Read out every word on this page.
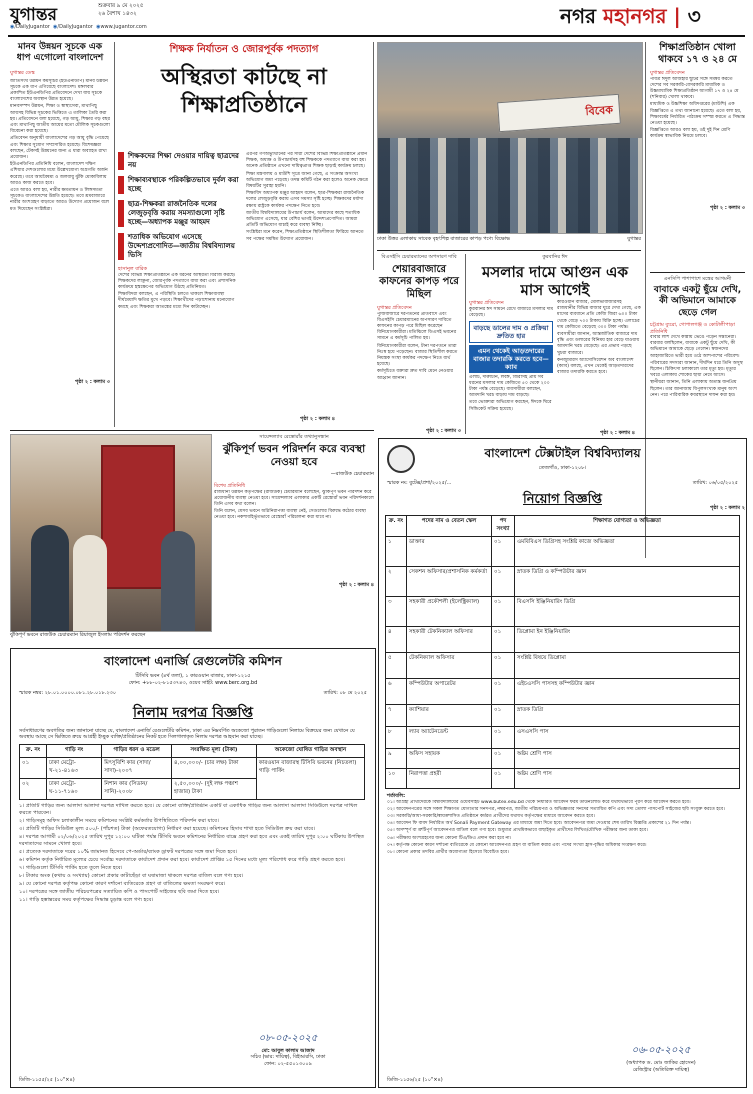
যুগান্তর	শুক্রবার ৯ মে ২০২৫
২৬ বৈশাখ ১৪৩২
◉/DailyJugantor ◉/DailyJugantor ◉www.jugantor.com	নগর মহানগর | ৩
মানব উন্নয়ন সূচকে এক ধাপ এগোলো বাংলাদেশ
যুগান্তর ডেস্ক

জাতিসংঘ উন্নয়ন কর্মসূচির (ইউএনডিপি) মানব উন্নয়ন সূচকে এক ধাপ এগিয়েছে বাংলাদেশ। মঙ্গলবার প্রকাশিত ইউএনডিপির প্রতিবেদনে দেখা যায় সূচকে বাংলাদেশের অবস্থান উন্নত হয়েছে।

মানবসম্পদ উন্নয়ন, শিক্ষা ও স্বাস্থ্যসেবা, মাথাপিছু আয়সহ বিভিন্ন সূচকের ভিত্তিতে এ তালিকা তৈরি করা হয়। প্রতিবেদনে বলা হয়েছে, গড় আয়ু, শিক্ষার গড় বছর এবং মাথাপিছু জাতীয় আয়ের মতো মৌলিক সূচকগুলো বিবেচনা করা হয়েছে।

প্রতিবেদন অনুযায়ী বাংলাদেশের গড় আয়ু বৃদ্ধি পেয়েছে এবং শিক্ষার সুযোগ সম্প্রসারিত হয়েছে। বিশেষজ্ঞরা বলছেন, টেকসই উন্নয়নের জন্য এ ধারা অব্যাহত রাখা প্রয়োজন।

ইউএনডিপির প্রতিনিধি বলেন, বাংলাদেশ দক্ষিণ এশিয়ার দেশগুলোর মধ্যে উল্লেখযোগ্য অগ্রগতি অর্জন করেছে। তবে আয়বৈষম্য ও জলবায়ু ঝুঁকি মোকাবিলায় আরও কাজ করতে হবে।

এতে আরও বলা হয়, নারীর ক্ষমতায়ন ও লিঙ্গসমতা সূচকেও বাংলাদেশের উন্নতি হয়েছে। তবে শ্রমবাজারে নারীর অংশগ্রহণ বাড়াতে আরও উদ্যোগ প্রয়োজন বলে মত দিয়েছেন সংশ্লিষ্টরা।

পৃষ্ঠা ২ : কলাম ৩
শিক্ষক নির্যাতন ও জোরপূর্বক পদত্যাগ
অস্থিরতা কাটছে না শিক্ষাপ্রতিষ্ঠানে
শিক্ষকদের শিক্ষা দেওয়ার দায়িত্ব ছাত্রদের নয়
শিক্ষাব্যবস্থাকে পরিকল্পিতভাবে দুর্বল করা হচ্ছে
ছাত্র-শিক্ষকরা রাজনৈতিক দলের লেজুড়বৃত্তি করায় সমস্যাগুলো সৃষ্টি হচ্ছে—অধ্যাপক মঞ্জুর আহমদ
শতাধিক অভিযোগ এসেছে উদ্দেশ্যপ্রণোদিত—জাতীয় বিশ্ববিদ্যালয় ভিসি
হাসানুল বারিক

দেশের বিভিন্ন শিক্ষাপ্রতিষ্ঠানে এক ধরনের অস্থিরতা বিরাজ করছে। শিক্ষকদের লাঞ্ছনা, জোরপূর্বক পদত্যাগে বাধ্য করা এবং প্রশাসনিক কার্যক্রমে হস্তক্ষেপের অভিযোগ উঠছে প্রতিনিয়ত।

শিক্ষাবিদরা বলছেন, এ পরিস্থিতি চলতে থাকলে শিক্ষাব্যবস্থা দীর্ঘমেয়াদি ক্ষতির মুখে পড়বে। শিক্ষার্থীদের পড়াশোনায় মনোযোগ কমছে এবং শিক্ষকরা আতঙ্কের মধ্যে দিন কাটাচ্ছেন।

এরপর গণঅভ্যুত্থানের পর সারা দেশের বিভিন্ন শিক্ষাপ্রতিষ্ঠানে প্রধান শিক্ষক, অধ্যক্ষ ও উপাচার্যসহ বহু শিক্ষককে পদত্যাগে বাধ্য করা হয়। অনেক প্রতিষ্ঠানে এখনো দায়িত্বপ্রাপ্ত শিক্ষক ছাড়াই কার্যক্রম চলছে।

শিক্ষা মন্ত্রণালয় ও মাউশি সূত্রে জানা গেছে, এ সংক্রান্ত অসংখ্য অভিযোগ জমা পড়েছে। তদন্ত কমিটি গঠন করা হলেও অনেক ক্ষেত্রে বিষয়টির সুরাহা হয়নি।

শিক্ষাবিদ অধ্যাপক মঞ্জুর আহমদ বলেন, ছাত্র-শিক্ষকরা রাজনৈতিক দলের লেজুড়বৃত্তি করায় এসব সমস্যা সৃষ্টি হচ্ছে। শিক্ষকদের মর্যাদা রক্ষায় রাষ্ট্রকে কার্যকর পদক্ষেপ নিতে হবে।

জাতীয় বিশ্ববিদ্যালয়ের উপাচার্য বলেন, আমাদের কাছে শতাধিক অভিযোগ এসেছে, যার বেশির ভাগই উদ্দেশ্যপ্রণোদিত। আমরা প্রতিটি অভিযোগ যাচাই করে ব্যবস্থা নিচ্ছি।

সংশ্লিষ্টরা মনে করেন, শিক্ষাপ্রতিষ্ঠানে স্থিতিশীলতা ফিরিয়ে আনতে সব পক্ষের সমন্বিত উদ্যোগ প্রয়োজন।

পৃষ্ঠা ২ : কলাম ৪
বিবেক
ঢাকা উত্তর এলাকায় সাবেক বৃহৎশিল্প বাজারের কাপড় পণ্যে বিক্ষোভ	যুগান্তর
শিক্ষাপ্রতিষ্ঠান খোলা থাকবে ১৭ ও ২৪ মে
যুগান্তর প্রতিবেদন

পবিত্র ঈদুল আজহার ছুটির সঙ্গে সমন্বয় করতে দেশের সব সরকারি-বেসরকারি মাধ্যমিক ও উচ্চমাধ্যমিক শিক্ষাপ্রতিষ্ঠান আগামী ১৭ ও ২৪ মে (শনিবার) খোলা থাকবে।

মাধ্যমিক ও উচ্চশিক্ষা অধিদপ্তরের (মাউশি) এক বিজ্ঞপ্তিতে এ তথ্য জানানো হয়েছে। এতে বলা হয়, শিক্ষাবর্ষের নির্ধারিত পাঠ্যক্রম সম্পন্ন করতে এ সিদ্ধান্ত নেওয়া হয়েছে।

বিজ্ঞপ্তিতে আরও বলা হয়, ওই দুই দিন শ্রেণি কার্যক্রম স্বাভাবিক নিয়মে চলবে।

পৃষ্ঠা ২ : কলাম ৩
এনসিপি পাশাপাশে মন্ত্রের আগমনী
বাবাকে একটু ছুঁয়ে দেখি, কী অভিমানে আমাকে ছেড়ে গেল
চট্টগ্রাম ব্যুরো, গোপালগঞ্জ ও কোটালীপাড়া প্রতিনিধি

বাবার লাশ দেখে কান্নায় ভেঙে পড়েন সন্তানেরা। বারবার বলছিলেন, বাবাকে একটু ছুঁয়ে দেখি, কী অভিমানে আমাকে ছেড়ে গেলেন। স্বজনদের আহাজারিতে ভারী হয়ে ওঠে আশপাশের পরিবেশ।

পরিবারের সদস্যরা জানান, দীর্ঘদিন ধরে তিনি অসুস্থ ছিলেন। চিকিৎসা চলাকালে তার মৃত্যু হয়। মৃত্যুর খবরে এলাকায় শোকের ছায়া নেমে আসে।

স্থানীয়রা জানান, তিনি এলাকায় অত্যন্ত জনপ্রিয় ছিলেন। তার জানাজায় বিপুলসংখ্যক মানুষ অংশ নেন। পরে পারিবারিক কবরস্থানে দাফন করা হয়।

পৃষ্ঠা ২ : কলাম ২
বিএসইসি চেয়ারম্যানের অপসারণ দাবি
শেয়ারবাজারে কাফনের কাপড় পরে মিছিল
যুগান্তর প্রতিবেদন

পুঁজিবাজারে দরপতনের প্রতিবাদে এবং বিএসইসি চেয়ারম্যানের অপসারণ দাবিতে কাফনের কাপড় পরে মিছিল করেছেন বিনিয়োগকারীরা। মতিঝিলে ডিএসই ভবনের সামনে এ কর্মসূচি পালিত হয়।

বিনিয়োগকারীরা বলেন, টানা দরপতনে তারা নিঃস্ব হয়ে পড়েছেন। বাজার স্থিতিশীল করতে নিয়ন্ত্রক সংস্থা কার্যকর পদক্ষেপ নিতে ব্যর্থ হয়েছে।

কর্মসূচিতে বক্তারা দ্রুত দাবি মেনে নেওয়ার আহ্বান জানান।

পৃষ্ঠা ২ : কলাম ৩
কুরবানির ঈদ
মসলার দামে আগুন এক মাস আগেই
যুগান্তর প্রতিবেদন

কুরবানির ঈদ সামনে রেখে বাজারে মসলার দাম বেড়েছে।

বাড়ছে ডালের দাম ও প্রক্রিয়া দ্রুতিত হার
এমন থেকেই আড়তদারের বাজার তদারকি করতে হবে—ক্যাব

এলাচ, দারুচিনি, লবঙ্গ, জিরাসহ প্রায় সব ধরনের মসলার দাম কেজিতে ৫০ থেকে ২০০ টাকা পর্যন্ত বেড়েছে। ব্যবসায়ীরা বলছেন, আমদানি খরচ বাড়ায় দাম বাড়ছে।

তবে ভোক্তারা অভিযোগ করছেন, ঈদকে ঘিরে সিন্ডিকেট সক্রিয় হয়েছে।

কারওয়ান বাজার, মৌলভীবাজারসহ রাজধানীর বিভিন্ন বাজার ঘুরে দেখা গেছে, এক মাসের ব্যবধানে প্রতি কেজি জিরা ৬০০ টাকা থেকে বেড়ে ৭০০ টাকায় বিক্রি হচ্ছে। এলাচের দাম কেজিতে বেড়েছে ৩০০ টাকা পর্যন্ত।

ব্যবসায়ীরা জানান, আন্তর্জাতিক বাজারে দাম বৃদ্ধি এবং ডলারের বিনিময় হার বেড়ে যাওয়ায় আমদানি খরচ বেড়েছে। এর প্রভাব পড়ছে খুচরা বাজারে।

কনজ্যুমারস অ্যাসোসিয়েশন অব বাংলাদেশ (ক্যাব) বলছে, এখন থেকেই আড়তদারদের বাজার তদারকি করতে হবে।

পৃষ্ঠা ২ : কলাম ৪
ঝুঁকিপূর্ণ ভবনে রাজউক চেয়ারম্যান রিয়াজুল ইসলাম পরিদর্শন করছেন
সায়েন্সল্যাব রেস্তোরাঁর তথ্যানুসন্ধান
ঝুঁকিপূর্ণ ভবন পরিদর্শন করে ব্যবস্থা নেওয়া হবে
—রাজউক চেয়ারম্যান
বিশেষ প্রতিনিধি

রাজধানী উন্নয়ন কর্তৃপক্ষের (রাজউক) চেয়ারম্যান বলেছেন, ঝুঁকিপূর্ণ ভবন পরিদর্শন করে প্রয়োজনীয় ব্যবস্থা নেওয়া হবে। সায়েন্সল্যাব এলাকার একটি রেস্তোরাঁ ভবন পরিদর্শনকালে তিনি এসব কথা বলেন।

তিনি বলেন, যেসব ভবনে অগ্নিনিরাপত্তা ব্যবস্থা নেই, সেগুলোর বিরুদ্ধে কঠোর ব্যবস্থা নেওয়া হবে। নকশাবহির্ভূতভাবে রেস্তোরাঁ পরিচালনা করা যাবে না।

পৃষ্ঠা ২ : কলাম ৪
বাংলাদেশ এনার্জি রেগুলেটরি কমিশন
টিসিবি ভবন (৪র্থ তলা), ১ কারওয়ান বাজার, ঢাকা-১২১৫
ফোন: +৮৮-০২-৮১৫৩৭৪৩, ওয়েব সাইট: www.berc.org.bd
স্মারক নম্বর: ২৮.০১.০০০০.০৮১.২৮.০১৮.২৩০	তারিখ: ০৮ মে ২০২৫
নিলাম দরপত্র বিজ্ঞপ্তি
সর্বসাধারণের অবগতির জন্য জানানো যাচ্ছে যে, বাংলাদেশ এনার্জি রেগুলেটরি কমিশন, ঢাকা এর নিম্নবর্ণিত অকেজো পুরাতন গাড়িগুলো নিলামে বিক্রয়ের জন্য যেখানে যে অবস্থায় আছে সে ভিত্তিতে ক্রয়ে আগ্রহী ইচ্ছুক ব্যক্তি/প্রতিষ্ঠানের নিকট হতে সিলগালাকৃত নিলাম দরপত্র আহবান করা যাচ্ছে।
ক্র. নং	গাড়ি নং	গাড়ির ধরন ও মডেল	সংরক্ষিত মূল্য (টাকা)	অকেজো ঘোষিত গাড়ির অবস্থান
০১	ঢাকা মেট্রো-খ-২১-৪১৬৩	মিৎসুবিশি কার (সাদা/সাদা)-২০০৭	৪,০০,০০০/- (চার লক্ষ) টাকা	কারওয়ান বাজারস্থ টিসিবি ভবনের (নিচতলা) গাড়ি পার্কিং
০২	ঢাকা মেট্রো-ঘ-১১-৭১৬০	নিশান কার (সিডান/সানি)-২০০৮	২,৫০,০০০/- (দুই লক্ষ পঞ্চাশ হাজার) টাকা	

১। প্রতিটি গাড়ির জন্য আলাদা আলাদা দরপত্র দাখিল করতে হবে। যে কোনো ব্যক্তি/প্রতিষ্ঠান একটি বা একাধিক গাড়ির জন্য আলাদা আলাদা সিডিউলে দরপত্র দাখিল করতে পারবেন।

২। গাড়িসমূহ অফিস চলাকালীন সময়ে কমিশনের সংশ্লিষ্ট কর্মকর্তার উপস্থিতিতে পরিদর্শন করা যাবে।

৩। প্রতিটি গাড়ির সিডিউল মূল্য ৫০০/- (পাঁচশত) টাকা (অফেরতযোগ্য) নির্ধারণ করা হয়েছে। কমিশনের হিসাব শাখা হতে সিডিউল ক্রয় করা যাবে।

৪। দরপত্র আগামী ০২/০৬/২০২৫ তারিখ দুপুর ১২:০০ ঘটিকা পর্যন্ত টিসিবি ভবনে কমিশনের নির্ধারিত বাক্সে গ্রহণ করা হবে এবং একই তারিখ দুপুর ২:০০ ঘটিকায় উপস্থিত দরদাতাদের সামনে খোলা হবে।

৫। প্রত্যেক দরদাতাকে দরের ১০% জামানত হিসেবে পে-অর্ডার/ব্যাংক ড্রাফট দরপত্রের সঙ্গে জমা দিতে হবে।

৬। কমিশন কর্তৃক নির্ধারিত মূল্যের চেয়ে সর্বোচ্চ দরদাতাকে কার্যাদেশ প্রদান করা হবে। কার্যাদেশ প্রাপ্তির ১৫ দিনের মধ্যে মূল্য পরিশোধ করে গাড়ি গ্রহণ করতে হবে।

৭। গাড়িগুলো টিসিবি পার্কিং হতে তুলে নিতে হবে।

৮। টাকার অংক (কথায় ও সংখ্যায়) কোনো প্রকার কাটাছেঁড়া বা ঘষামাজা থাকলে দরপত্র বাতিল বলে গণ্য হবে।

৯। যে কোনো দরপত্র কর্তৃপক্ষ কোনো কারণ দর্শানো ব্যতিরেকে গ্রহণ বা বাতিলের ক্ষমতা সংরক্ষণ করে।

১০। দরপত্রের সঙ্গে জাতীয় পরিচয়পত্রের সত্যায়িত কপি ও পাসপোর্ট সাইজের ছবি জমা দিতে হবে।

১১। গাড়ি হস্তান্তরের সময় কর্তৃপক্ষের সিদ্ধান্ত চূড়ান্ত বলে গণ্য হবে।

০৮-০৫-২০২৫
মো: আবুল কালাম আজাদ
সচিব (ভার: দায়িত্ব), বিইআরসি, ঢাকা
ফোন: ০২-৫৫০১৩০০৯
ডিজি-১১৫৫/২৫ (১০"×৪)
বাংলাদেশ টেক্সটাইল বিশ্ববিদ্যালয়
তেজগাঁও, ঢাকা-১২০৮।
স্মারক নং: বুটেক্স/প্রশা/২০২৫/...	তারিখ: ০৬/০৫/২০২৫
নিয়োগ বিজ্ঞপ্তি
ক্র. নং	পদের নাম ও বেতন স্কেল	পদ সংখ্যা	শিক্ষাগত যোগ্যতা ও অভিজ্ঞতা
১	ডাক্তার	০১	এমবিবিএস ডিগ্রিসহ সংশ্লিষ্ট কাজে অভিজ্ঞতা
২	সেকশন অফিসার/প্রশাসনিক কর্মকর্তা	০১	স্নাতক ডিগ্রি ও কম্পিউটার জ্ঞান
৩	সহকারী প্রকৌশলী (ইলেক্ট্রিক্যাল)	০১	বিএসসি ইঞ্জিনিয়ারিং ডিগ্রি
৪	সহকারী টেকনিক্যাল অফিসার	০১	ডিপ্লোমা ইন ইঞ্জিনিয়ারিং
৫	টেকনিক্যাল অফিসার	০১	সংশ্লিষ্ট বিষয়ে ডিপ্লোমা
৬	কম্পিউটার অপারেটর	০১	এইচএসসি পাসসহ কম্পিউটার জ্ঞান
৭	ক্যাশিয়ার	০১	স্নাতক ডিগ্রি
৮	ল্যাব অ্যাটেনডেন্ট	০১	এসএসসি পাস
৯	অফিস সহায়ক	০১	অষ্টম শ্রেণি পাস
১০	নিরাপত্তা প্রহরী	০১	অষ্টম শ্রেণি পাস
শর্তাবলি:

০১। আগ্রহী প্রার্থীদেরকে বিশ্ববিদ্যালয়ের ওয়েবসাইট www.butex.edu.bd থেকে নির্ধারিত আবেদন ফরম ডাউনলোড করে যথাযথভাবে পূরণ করে আবেদন করতে হবে।

০২। আবেদনপত্রের সঙ্গে সকল শিক্ষাগত যোগ্যতার সনদপত্র, নম্বরপত্র, জাতীয় পরিচয়পত্র ও অভিজ্ঞতার সনদের সত্যায়িত কপি এবং সদ্য তোলা পাসপোর্ট সাইজের ছবি সংযুক্ত করতে হবে।

০৩। সরকারি/আধা-সরকারি/স্বায়ত্তশাসিত প্রতিষ্ঠানে কর্মরত প্রার্থীদের যথাযথ কর্তৃপক্ষের মাধ্যমে আবেদন করতে হবে।

০৪। আবেদন ফি বাবদ নির্ধারিত অর্থ Sonali Payment Gateway এর মাধ্যমে জমা দিতে হবে। আবেদনপত্র জমা দেওয়ার শেষ তারিখ বিজ্ঞপ্তি প্রকাশের ২১ দিন পর্যন্ত।

০৫। অসম্পূর্ণ বা ত্রুটিপূর্ণ আবেদনপত্র বাতিল বলে গণ্য হবে। শুধুমাত্র প্রাথমিকভাবে বাছাইকৃত প্রার্থীদের লিখিত/মৌখিক পরীক্ষার জন্য ডাকা হবে।

০৬। পরীক্ষায় অংশগ্রহণের জন্য কোনো টিএ/ডিএ প্রদান করা হবে না।

০৭। কর্তৃপক্ষ কোনো কারণ দর্শানো ব্যতিরেকে যে কোনো আবেদনপত্র গ্রহণ বা বাতিল করার এবং পদের সংখ্যা হ্রাস-বৃদ্ধির অধিকার সংরক্ষণ করে।

০৮। কোনো প্রকার তদবির প্রার্থীর অযোগ্যতা হিসেবে বিবেচিত হবে।

০৬-০৫-২০২৫
(অধ্যাপক ড. মোঃ জাকির হোসেন)
রেজিস্ট্রার (অতিরিক্ত দায়িত্ব)
ডিজি-১১৫৬/২৫ (১০"×৪)
